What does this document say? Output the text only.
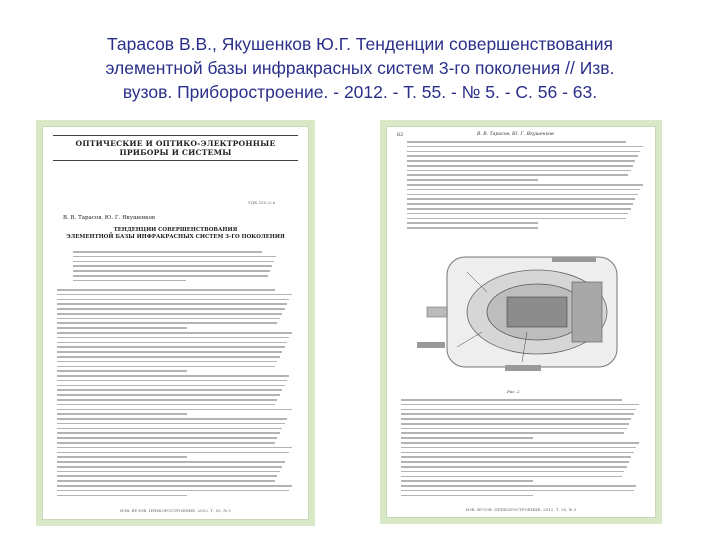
Тарасов В.В., Якушенков Ю.Г. Тенденции совершенствования
элементной базы инфракрасных систем 3-го поколения // Изв.
вузов. Приборостроение. - 2012. - Т. 55. - № 5. - С. 56 - 63.
ОПТИЧЕСКИЕ И ОПТИКО-ЭЛЕКТРОННЫЕ
ПРИБОРЫ И СИСТЕМЫ
УДК 535.2/.6
В. В. Тарасов, Ю. Г. Якушенков
ТЕНДЕНЦИИ СОВЕРШЕНСТВОВАНИЯ
ЭЛЕМЕНТНОЙ БАЗЫ ИНФРАКРАСНЫХ СИСТЕМ 3-ГО ПОКОЛЕНИЯ
ИЗВ. ВУЗОВ. ПРИБОРОСТРОЕНИЕ. 2012. Т. 55, № 5
62	В. В. Тарасов, Ю. Г. Якушенков
Рис. 2
ИЗВ. ВУЗОВ. ПРИБОРОСТРОЕНИЕ. 2012. Т. 55, № 5
